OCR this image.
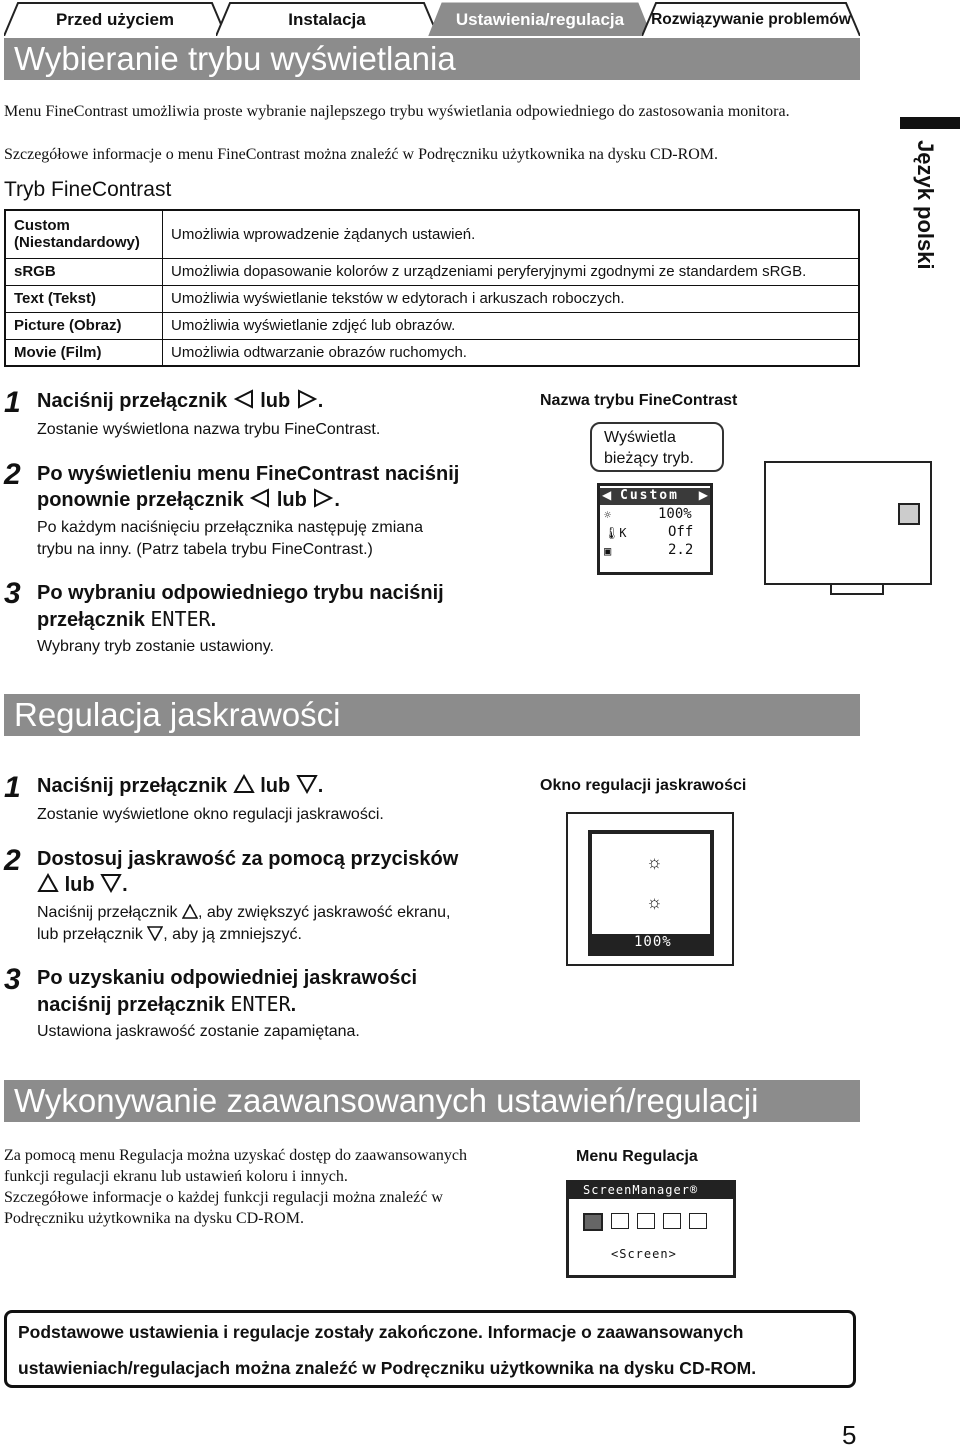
Przed użyciem	Instalacja	Ustawienia/regulacja	Rozwiązywanie problemów
Język polski
Wybieranie trybu wyświetlania
Menu FineContrast umożliwia proste wybranie najlepszego trybu wyświetlania odpowiedniego do zastosowania monitora.
Szczegółowe informacje o menu FineContrast można znaleźć w Podręczniku użytkownika na dysku CD-ROM.
Tryb FineContrast
Custom (Niestandardowy)	Umożliwia wprowadzenie żądanych ustawień.
sRGB	Umożliwia dopasowanie kolorów z urządzeniami peryferyjnymi zgodnymi ze standardem sRGB.
Text (Tekst)	Umożliwia wyświetlanie tekstów w edytorach i arkuszach roboczych.
Picture (Obraz)	Umożliwia wyświetlanie zdjęć lub obrazów.
Movie (Film)	Umożliwia odtwarzanie obrazów ruchomych.
1 Naciśnij przełącznik lub .
Zostanie wyświetlona nazwa trybu FineContrast.
2 Po wyświetleniu menu FineContrast naciśnij
ponownie przełącznik lub .
Po każdym naciśnięciu przełącznika następuję zmiana
trybu na inny. (Patrz tabela trybu FineContrast.)
3 Po wybraniu odpowiedniego trybu naciśnij
przełącznik ENTER.
Wybrany tryb zostanie ustawiony.
Nazwa trybu FineContrast
◀ Custom ▶
☼	100%
🌡K	Off
▣	2.2
Wyświetla
bieżący tryb.
Regulacja jaskrawości
1 Naciśnij przełącznik lub .
Zostanie wyświetlone okno regulacji jaskrawości.
2 Dostosuj jaskrawość za pomocą przycisków
lub .
Naciśnij przełącznik , aby zwiększyć jaskrawość ekranu,
lub przełącznik , aby ją zmniejszyć.
3 Po uzyskaniu odpowiedniej jaskrawości
naciśnij przełącznik ENTER.
Ustawiona jaskrawość zostanie zapamiętana.
Okno regulacji jaskrawości
☼
☼
100%
Wykonywanie zaawansowanych ustawień/regulacji
Za pomocą menu Regulacja można uzyskać dostęp do zaawansowanych
funkcji regulacji ekranu lub ustawień koloru i innych.
Szczegółowe informacje o każdej funkcji regulacji można znaleźć w
Podręczniku użytkownika na dysku CD-ROM.
Menu Regulacja
ScreenManager®
<Screen>
Podstawowe ustawienia i regulacje zostały zakończone. Informacje o zaawansowanych
ustawieniach/regulacjach można znaleźć w Podręczniku użytkownika na dysku CD-ROM.
5
